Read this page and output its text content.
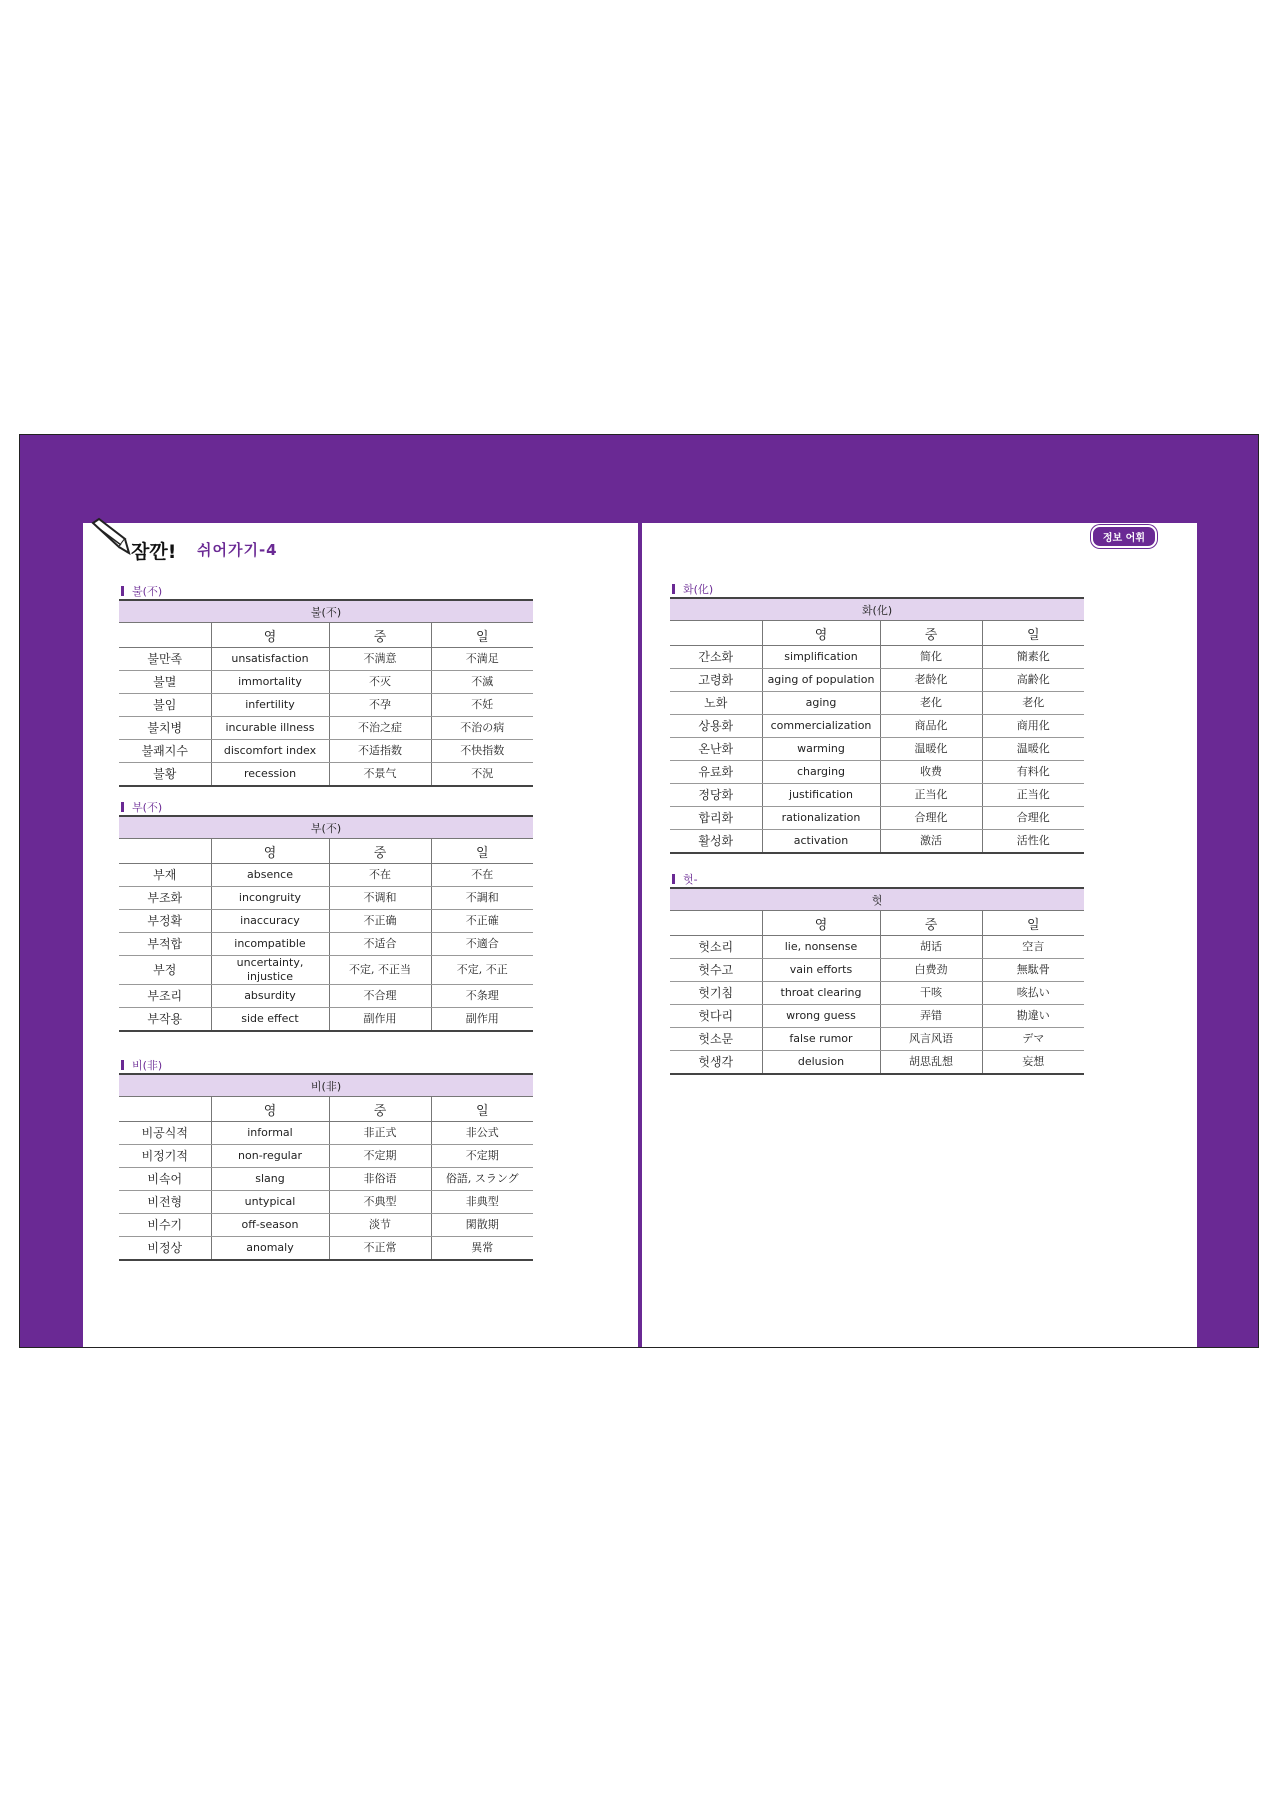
잠깐! 쉬어가기-4
불(不)
불(不)			
	영	중	일
불만족	unsatisfaction	不满意	不満足
불멸	immortality	不灭	不滅
불임	infertility	不孕	不妊
불치병	incurable illness	不治之症	不治の病
불쾌지수	discomfort index	不适指数	不快指数
불황	recession	不景气	不況
부(不)
부(不)			
	영	중	일
부재	absence	不在	不在
부조화	incongruity	不调和	不調和
부정확	inaccuracy	不正确	不正確
부적합	incompatible	不适合	不適合
부정	uncertainty, injustice	不定, 不正当	不定, 不正
부조리	absurdity	不合理	不条理
부작용	side effect	副作用	副作用
비(非)
비(非)			
	영	중	일
비공식적	informal	非正式	非公式
비정기적	non-regular	不定期	不定期
비속어	slang	非俗语	俗語, スラング
비전형	untypical	不典型	非典型
비수기	off-season	淡节	閑散期
비정상	anomaly	不正常	異常
정보 어휘
화(化)
화(化)			
	영	중	일
간소화	simplification	简化	簡素化
고령화	aging of population	老龄化	高齢化
노화	aging	老化	老化
상용화	commercialization	商品化	商用化
온난화	warming	温暖化	温暖化
유료화	charging	收费	有料化
정당화	justification	正当化	正当化
합리화	rationalization	合理化	合理化
활성화	activation	激活	活性化
헛-
헛			
	영	중	일
헛소리	lie, nonsense	胡话	空言
헛수고	vain efforts	白费劲	無駄骨
헛기침	throat clearing	干咳	咳払い
헛다리	wrong guess	弄错	勘違い
헛소문	false rumor	风言风语	デマ
헛생각	delusion	胡思乱想	妄想
